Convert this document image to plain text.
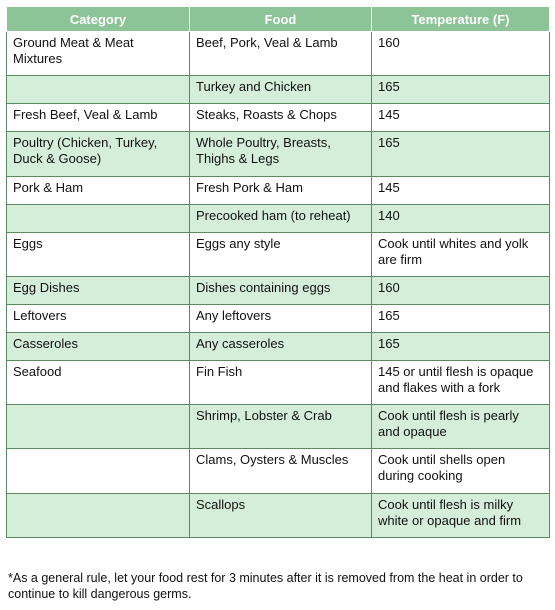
Category	Food	Temperature (F)
Ground Meat & Meat Mixtures	Beef, Pork, Veal & Lamb	160
	Turkey and Chicken	165
Fresh Beef, Veal & Lamb	Steaks, Roasts & Chops	145
Poultry (Chicken, Turkey, Duck & Goose)	Whole Poultry, Breasts, Thighs & Legs	165
Pork & Ham	Fresh Pork & Ham	145
	Precooked ham (to reheat)	140
Eggs	Eggs any style	Cook until whites and yolk are firm
Egg Dishes	Dishes containing eggs	160
Leftovers	Any leftovers	165
Casseroles	Any casseroles	165
Seafood	Fin Fish	145 or until flesh is opaque and flakes with a fork
	Shrimp, Lobster & Crab	Cook until flesh is pearly and opaque
	Clams, Oysters & Muscles	Cook until shells open during cooking
	Scallops	Cook until flesh is milky white or opaque and firm
*As a general rule, let your food rest for 3 minutes after it is removed from the heat in order to continue to kill dangerous germs.
